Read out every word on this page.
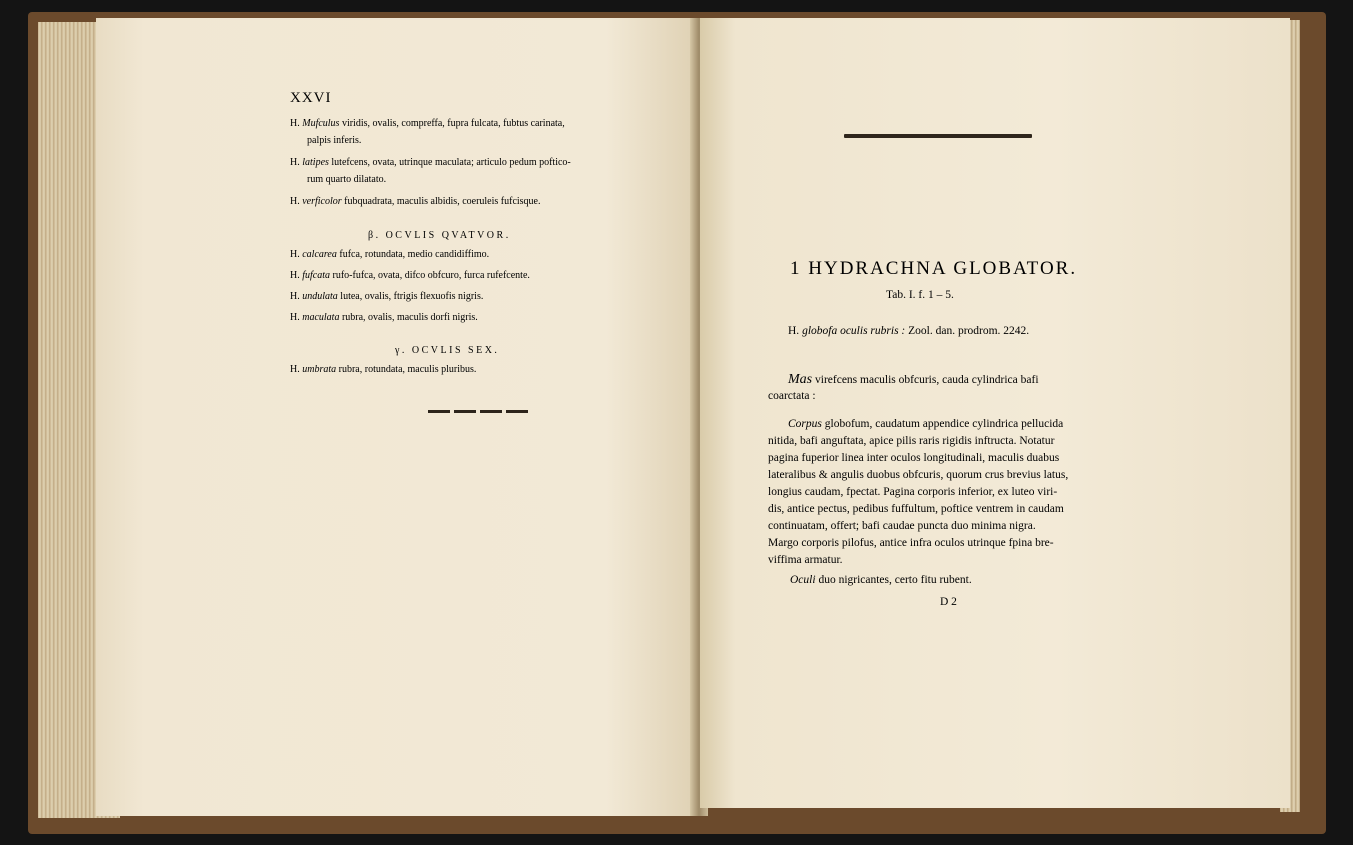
XXVI
H. Mufculus viridis, ovalis, compreffa, fupra fulcata, fubtus carinata,
palpis inferis.
H. latipes lutefcens, ovata, utrinque maculata; articulo pedum poftico-
rum quarto dilatato.
H. verficolor fubquadrata, maculis albidis, coeruleis fufcisque.
β. OCVLIS QVATVOR.
H. calcarea fufca, rotundata, medio candidiffimo.
H. fufcata rufo-fufca, ovata, difco obfcuro, furca rufefcente.
H. undulata lutea, ovalis, ftrigis flexuofis nigris.
H. maculata rubra, ovalis, maculis dorfi nigris.
γ. OCVLIS SEX.
H. umbrata rubra, rotundata, maculis pluribus.
1 HYDRACHNA GLOBATOR.
Tab. I. f. 1 – 5.
H. globofa oculis rubris : Zool. dan. prodrom. 2242.
Mas virefcens maculis obfcuris, cauda cylindrica bafi
coarctata :
Corpus globofum, caudatum appendice cylindrica pellucida
nitida, bafi anguftata, apice pilis raris rigidis inftructa. Notatur
pagina fuperior linea inter oculos longitudinali, maculis duabus
lateralibus & angulis duobus obfcuris, quorum crus brevius latus,
longius caudam, fpectat. Pagina corporis inferior, ex luteo viri-
dis, antice pectus, pedibus fuffultum, poftice ventrem in caudam
continuatam, offert; bafi caudae puncta duo minima nigra.
Margo corporis pilofus, antice infra oculos utrinque fpina bre-
viffima armatur.
Oculi duo nigricantes, certo fitu rubent.
D 2
